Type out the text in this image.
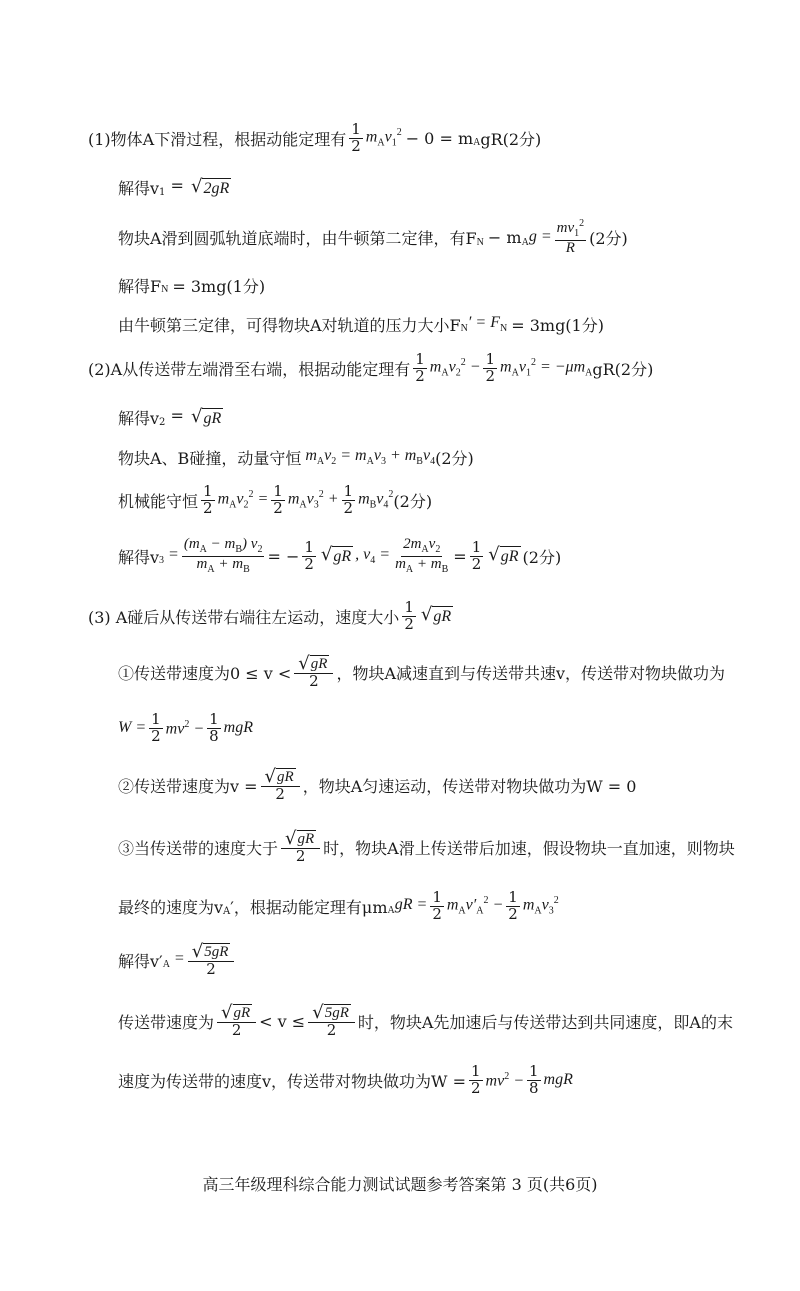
(1)物体A下滑过程，根据动能定理有 $\frac{1}{2} m_Av_1^2 - 0 = m$ $_A$ gR(2分)
解得v $_1$ = √ 2gR
物块A滑到圆弧轨道底端时，由牛顿第二定律，有F $_N$ − m $_Ag = \frac{mv_1^2}{R} (2$分)
解得F $_N$ = 3mg(1分)
由牛顿第三定律，可得物块A对轨道的压力大小F $_N' = F_N = 3mg(1$分)
(2)A从传送带左端滑至右端，根据动能定理有 $\frac{1}{2} m_Av_2^2 - \frac{1}{2} m_Av_1^2 = -\mu m_A$ gR(2分)
解得v $_2$ = √ gR
物块A、B碰撞，动量守恒 $m_Av_2 = m_Av_3 + m_Bv_4$ (2分)
机械能守恒 $\frac{1}{2} m_Av_2^2 = \frac{1}{2} m_Av_3^2 + \frac{1}{2} m_Bv_4^2$ (2分)
解得v $_3 = \frac{(m_A - m_B) v_2}{m_A + m_B}$ = − $\frac{1}{2}$ √ gR , $v_4 = \frac{2m_Av_2}{m_A + m_B} = \frac{1}{2}$ √ gR (2分)
(3) A碰后从传送带右端往左运动，速度大小 $\frac{1}{2}$ √ gR
①传送带速度为$0 \le v < \frac{√ gR}{2}$ ，物块A减速直到与传送带共速v，传送带对物块做功为
$W = \frac{1}{2} mv^2 - \frac{1}{8}$ mgR
②传送带速度为$v = \frac{√ gR}{2}$ ，物块A匀速运动，传送带对物块做功为W = 0
③当传送带的速度大于 $\frac{√ gR}{2}$ 时，物块A滑上传送带后加速，假设物块一直加速，则物块
最终的速度为v $_A$ ′，根据动能定理有μm $_AgR = \frac{1}{2} m_Av'_A^2 - \frac{1}{2} m_Av_3^2$
解得v′ $_A = \frac{√ 5gR}{2}$
传送带速度为 $\frac{√ gR}{2} < v \le \frac{√ 5gR}{2}$ 时，物块A先加速后与传送带达到共同速度，即A的末
速度为传送带的速度v，传送带对物块做功为$W = \frac{1}{2} mv^2 - \frac{1}{8}$ mgR
高三年级理科综合能力测试试题参考答案第 3 页(共6页)
